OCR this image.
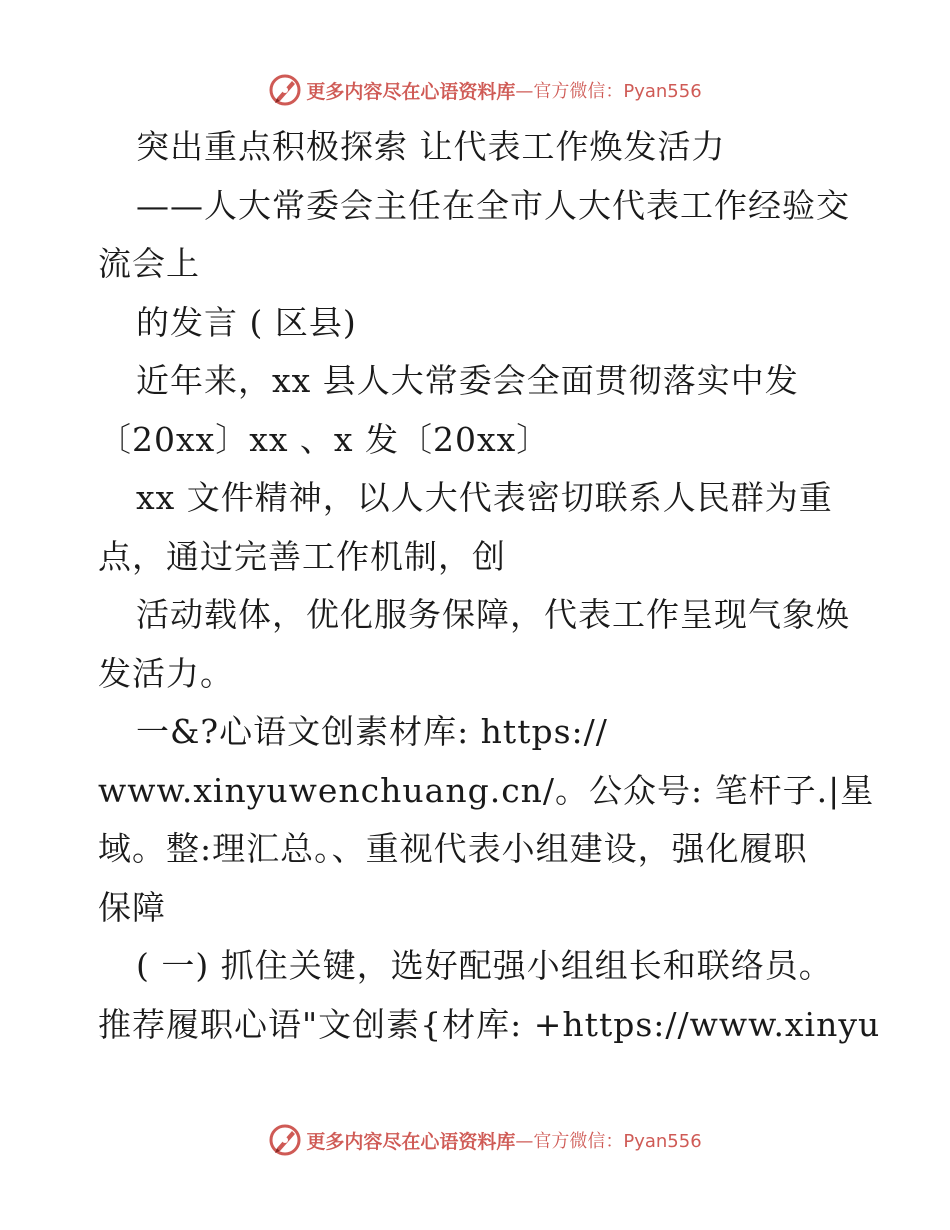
更多内容尽在心语资料库 —官方微信：Pyan556
突出重点积极探索 让代表工作焕发活力
——人大常委会主任在全市人大代表工作经验交
流会上
的发言 ( 区县)
近年来，xx 县人大常委会全面贯彻落实中发
〔20xx〕xx 、x 发〔20xx〕
xx 文件精神，以人大代表密切联系人民群为重
点，通过完善工作机制，创
活动载体，优化服务保障，代表工作呈现气象焕
发活力。
一&?心语文创素材库: https://
www.xinyuwenchuang.cn/。公众号: 笔杆子.|星
域。整:理汇总。、重视代表小组建设，强化履职
保障
( 一) 抓住关键，选好配强小组组长和联络员。
推荐履职心语"文创素{材库: +https://www.xinyu
更多内容尽在心语资料库 —官方微信：Pyan556
